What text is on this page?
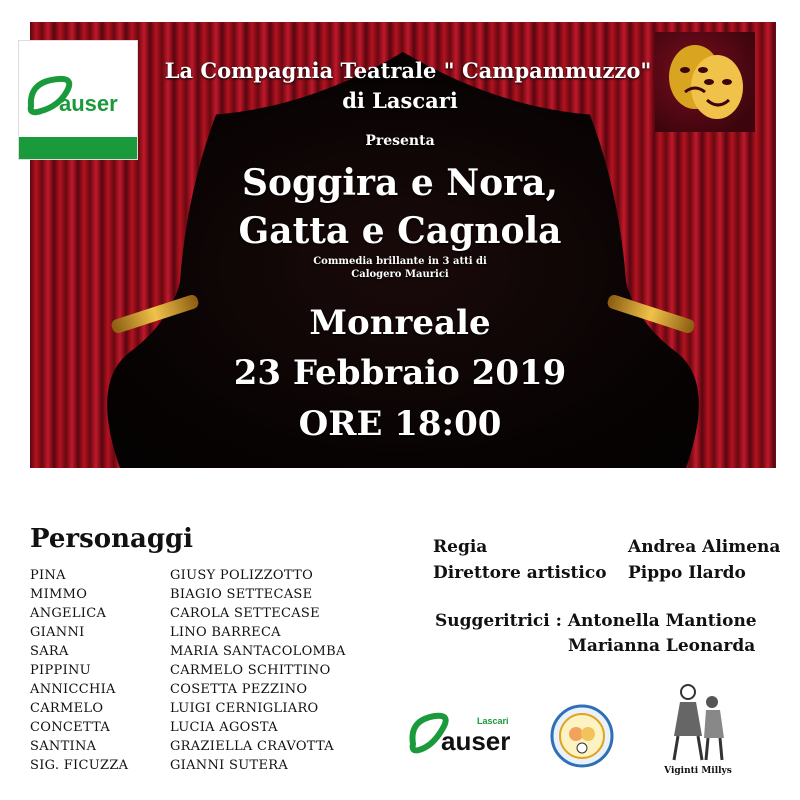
auser
La Compagnia Teatrale " Campammuzzo"
di Lascari
Presenta
Soggira e Nora,
Gatta e Cagnola
Commedia brillante in 3 atti di
Calogero Maurici
Monreale
23 Febbraio 2019
ORE 18:00
Personaggi
PINA	GIUSY POLIZZOTTO
MIMMO	BIAGIO SETTECASE
ANGELICA	CAROLA SETTECASE
GIANNI	LINO BARRECA
SARA	MARIA SANTACOLOMBA
PIPPINU	CARMELO SCHITTINO
ANNICCHIA	COSETTA PEZZINO
CARMELO	LUIGI CERNIGLIARO
CONCETTA	LUCIA AGOSTA
SANTINA	GRAZIELLA CRAVOTTA
SIG. FICUZZA	GIANNI SUTERA
Regia	Andrea Alimena
Direttore artistico Pippo Ilardo
Suggeritrici : Antonella Mantione
Marianna Leonarda
Lascari
auser
Viginti Millys
